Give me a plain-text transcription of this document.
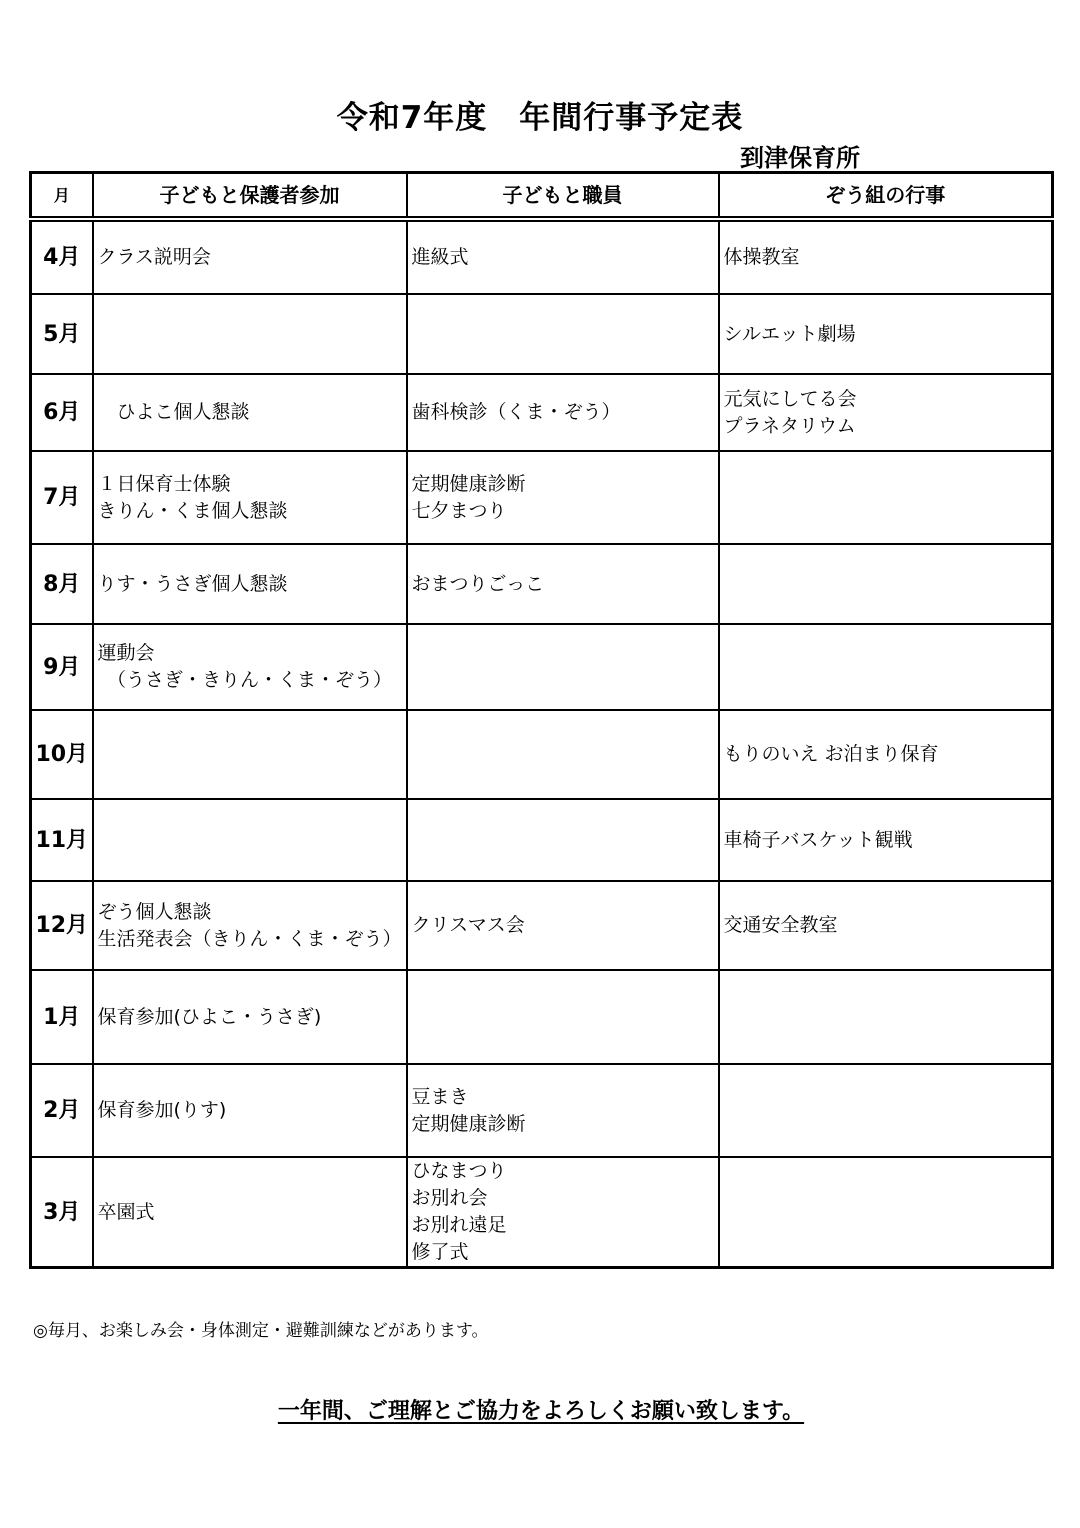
令和7年度　年間行事予定表
到津保育所
月	子どもと保護者参加	子どもと職員	ぞう組の行事
4月	クラス説明会	進級式	体操教室

5月			シルエット劇場

6月	　ひよこ個人懇談	歯科検診（くま・ぞう）	元気にしてる会
プラネタリウム

7月	１日保育士体験
きりん・くま個人懇談	定期健康診断
七夕まつり	

8月	りす・うさぎ個人懇談	おまつりごっこ	

9月	運動会
　（うさぎ・きりん・くま・ぞう）		

10月			もりのいえ お泊まり保育

11月			車椅子バスケット観戦

12月	ぞう個人懇談
生活発表会（きりん・くま・ぞう）	クリスマス会	交通安全教室

1月	保育参加(ひよこ・うさぎ)		

2月	保育参加(りす)	豆まき
定期健康診断	

3月	卒園式	ひなまつり
お別れ会
お別れ遠足
修了式	

◎毎月、お楽しみ会・身体測定・避難訓練などがあります。
一年間、ご理解とご協力をよろしくお願い致します。
